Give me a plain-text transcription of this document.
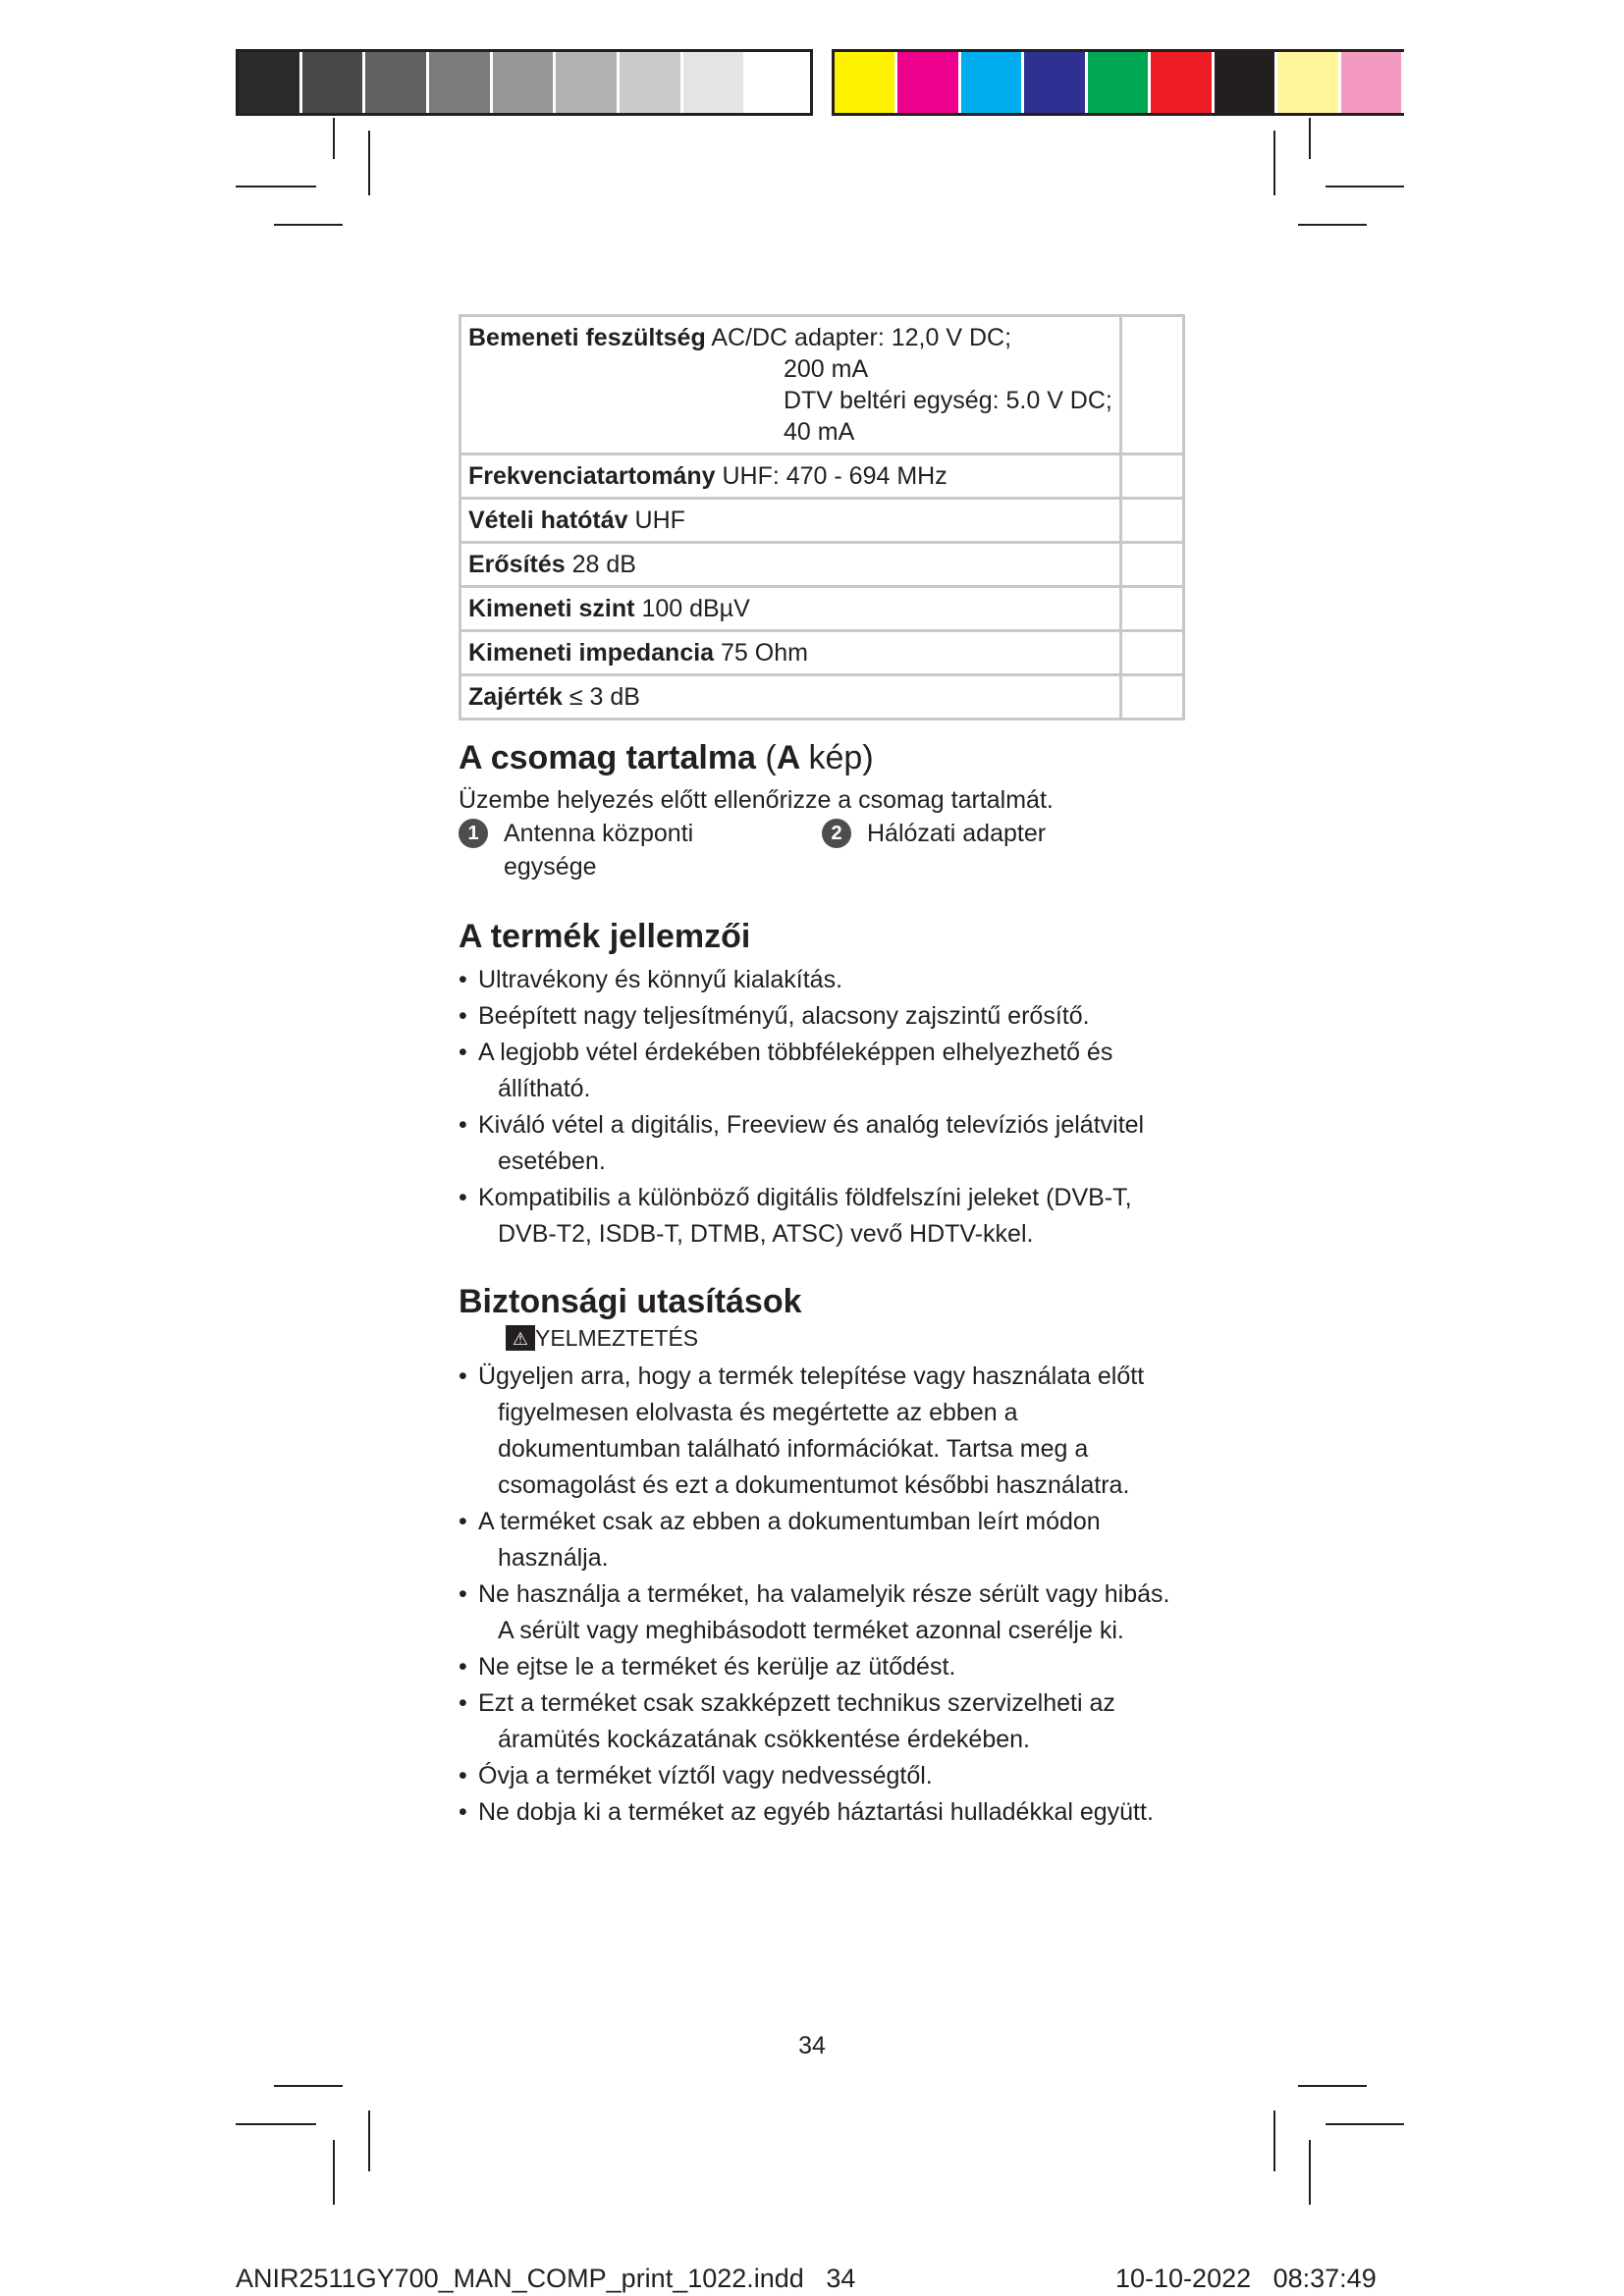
Bemeneti feszültség AC/DC adapter: 12,0 V DC;
200 mA
DTV beltéri egység: 5.0 V DC;
40 mA	

Frekvenciatartomány UHF: 470 - 694 MHz	
Vételi hatótáv UHF	
Erősítés 28 dB	
Kimeneti szint 100 dBµV	
Kimeneti impedancia 75 Ohm	
Zajérték ≤ 3 dB	
A csomag tartalma (A kép)

Üzembe helyezés előtt ellenőrizze a csomag tartalmát.

1	Antenna központi egysége
2	Hálózati adapter
A termék jellemzői
• Ultravékony és könnyű kialakítás.
• Beépített nagy teljesítményű, alacsony zajszintű erősítő.
• A legjobb vétel érdekében többféleképpen elhelyezhető és állítható.
• Kiváló vétel a digitális, Freeview és analóg televíziós jelátvitel esetében.
• Kompatibilis a különböző digitális földfelszíni jeleket (DVB-T, DVB-T2, ISDB-T, DTMB, ATSC) vevő HDTV-kkel.
Biztonsági utasítások
⚠ YELMEZTETÉS
• Ügyeljen arra, hogy a termék telepítése vagy használata előtt figyelmesen elolvasta és megértette az ebben a dokumentumban található információkat. Tartsa meg a csomagolást és ezt a dokumentumot későbbi használatra.
• A terméket csak az ebben a dokumentumban leírt módon használja.
• Ne használja a terméket, ha valamelyik része sérült vagy hibás. A sérült vagy meghibásodott terméket azonnal cserélje ki.
• Ne ejtse le a terméket és kerülje az ütődést.
• Ezt a terméket csak szakképzett technikus szervizelheti az áramütés kockázatának csökkentése érdekében.
• Óvja a terméket víztől vagy nedvességtől.
• Ne dobja ki a terméket az egyéb háztartási hulladékkal együtt.
34
ANIR2511GY700_MAN_COMP_print_1022.indd   34	10-10-2022   08:37:49
